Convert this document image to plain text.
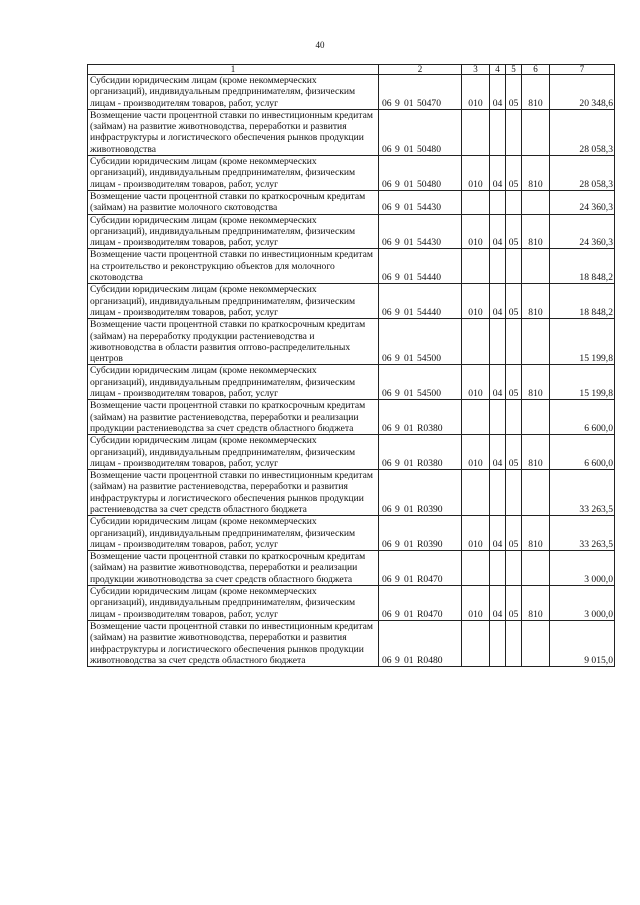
40
1	2	3	4	5	6	7
Субсидии юридическим лицам (кроме некоммерческих организаций), индивидуальным предпринимателям, физическим лицам - производителям товаров, работ, услуг	06 9 01 50470	010	04	05	810	20 348,6
Возмещение части процентной ставки по инвестиционным кредитам (займам) на развитие животноводства, переработки и развития инфраструктуры и логистического обеспечения рынков продукции животноводства	06 9 01 50480					28 058,3
Субсидии юридическим лицам (кроме некоммерческих организаций), индивидуальным предпринимателям, физическим лицам - производителям товаров, работ, услуг	06 9 01 50480	010	04	05	810	28 058,3
Возмещение части процентной ставки по краткосрочным кредитам (займам) на развитие молочного скотоводства	06 9 01 54430					24 360,3
Субсидии юридическим лицам (кроме некоммерческих организаций), индивидуальным предпринимателям, физическим лицам - производителям товаров, работ, услуг	06 9 01 54430	010	04	05	810	24 360,3
Возмещение части процентной ставки по инвестиционным кредитам на строительство и реконструкцию объектов для молочного скотоводства	06 9 01 54440					18 848,2
Субсидии юридическим лицам (кроме некоммерческих организаций), индивидуальным предпринимателям, физическим лицам - производителям товаров, работ, услуг	06 9 01 54440	010	04	05	810	18 848,2
Возмещение части процентной ставки по краткосрочным кредитам (займам) на переработку продукции растениеводства и животноводства в области развития оптово-распределительных центров	06 9 01 54500					15 199,8
Субсидии юридическим лицам (кроме некоммерческих организаций), индивидуальным предпринимателям, физическим лицам - производителям товаров, работ, услуг	06 9 01 54500	010	04	05	810	15 199,8
Возмещение части процентной ставки по краткосрочным кредитам (займам) на развитие растениеводства, переработки и реализации продукции растениеводства за счет средств областного бюджета	06 9 01 R0380					6 600,0
Субсидии юридическим лицам (кроме некоммерческих организаций), индивидуальным предпринимателям, физическим лицам - производителям товаров, работ, услуг	06 9 01 R0380	010	04	05	810	6 600,0
Возмещение части процентной ставки по инвестиционным кредитам (займам) на развитие растениеводства, переработки и развития инфраструктуры и логистического обеспечения рынков продукции растениеводства за счет средств областного бюджета	06 9 01 R0390					33 263,5
Субсидии юридическим лицам (кроме некоммерческих организаций), индивидуальным предпринимателям, физическим лицам - производителям товаров, работ, услуг	06 9 01 R0390	010	04	05	810	33 263,5
Возмещение части процентной ставки по краткосрочным кредитам (займам) на развитие животноводства, переработки и реализации продукции животноводства за счет средств областного бюджета	06 9 01 R0470					3 000,0
Субсидии юридическим лицам (кроме некоммерческих организаций), индивидуальным предпринимателям, физическим лицам - производителям товаров, работ, услуг	06 9 01 R0470	010	04	05	810	3 000,0
Возмещение части процентной ставки по инвестиционным кредитам (займам) на развитие животноводства, переработки и развития инфраструктуры и логистического обеспечения рынков продукции животноводства за счет средств областного бюджета	06 9 01 R0480					9 015,0
